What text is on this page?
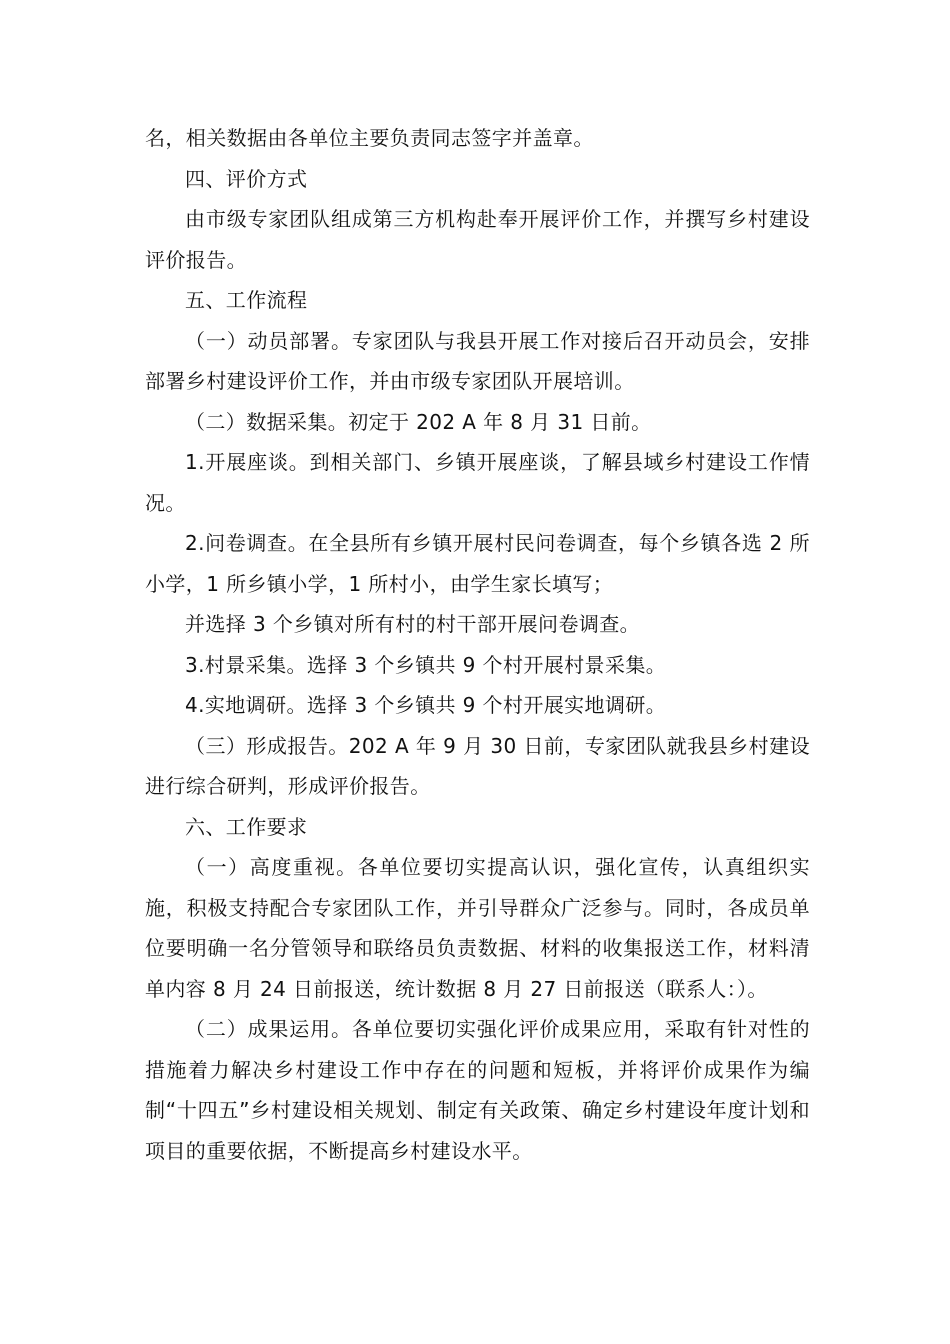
名，相关数据由各单位主要负责同志签字并盖章。

四、评价方式

由市级专家团队组成第三方机构赴奉开展评价工作，并撰写乡村建设评价报告。

五、工作流程

（一）动员部署。专家团队与我县开展工作对接后召开动员会，安排部署乡村建设评价工作，并由市级专家团队开展培训。

（二）数据采集。初定于 202 A 年 8 月 31 日前。

1.开展座谈。到相关部门、乡镇开展座谈，了解县域乡村建设工作情况。

2.问卷调查。在全县所有乡镇开展村民问卷调查，每个乡镇各选 2 所小学，1 所乡镇小学，1 所村小，由学生家长填写；

并选择 3 个乡镇对所有村的村干部开展问卷调查。

3.村景采集。选择 3 个乡镇共 9 个村开展村景采集。

4.实地调研。选择 3 个乡镇共 9 个村开展实地调研。

（三）形成报告。202 A 年 9 月 30 日前，专家团队就我县乡村建设进行综合研判，形成评价报告。

六、工作要求

（一）高度重视。各单位要切实提高认识，强化宣传，认真组织实施，积极支持配合专家团队工作，并引导群众广泛参与。同时，各成员单位要明确一名分管领导和联络员负责数据、材料的收集报送工作，材料清单内容 8 月 24 日前报送，统计数据 8 月 27 日前报送（联系人：）。

（二）成果运用。各单位要切实强化评价成果应用，采取有针对性的措施着力解决乡村建设工作中存在的问题和短板，并将评价成果作为编制“十四五”乡村建设相关规划、制定有关政策、确定乡村建设年度计划和项目的重要依据，不断提高乡村建设水平。
